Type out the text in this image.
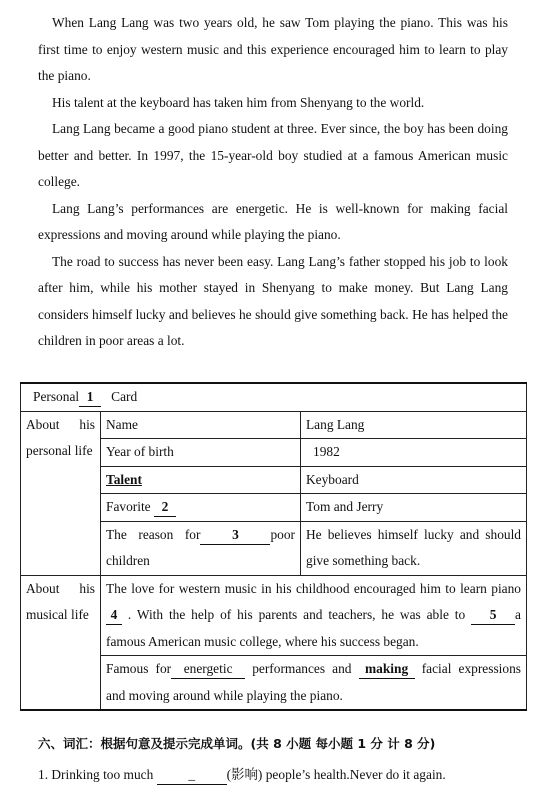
When Lang Lang was two years old, he saw Tom playing the piano. This was his first time to enjoy western music and this experience encouraged him to learn to play the piano.

His talent at the keyboard has taken him from Shenyang to the world.

Lang Lang became a good piano student at three. Ever since, the boy has been doing better and better. In 1997, the 15-year-old boy studied at a famous American music college.

Lang Lang’s performances are energetic. He is well-known for making facial expressions and moving around while playing the piano.

The road to success has never been easy. Lang Lang’s father stopped his job to look after him, while his mother stayed in Shenyang to make money. But Lang Lang considers himself lucky and believes he should give something back. He has helped the children in poor areas a lot.

Personal 1 Card		
About his personal life	Name	Lang Lang
	Year of birth	1982
	Talent	Keyboard
	Favorite 2	Tom and Jerry
	The reason for 3 poor children	He believes himself lucky and should give something back.
About his musical life	The love for western music in his childhood encouraged him to learn piano 4 . With the help of his parents and teachers, he was able to 5 a famous American music college, where his success began.	
	Famous for energetic performances and making facial expressions and moving around while playing the piano.	
六、词汇：根据句意及提示完成单词。(共 8 小题 每小题 1 分 计 8 分)
1. Drinking too much	_ (影响) people’s health.Never do it again.
